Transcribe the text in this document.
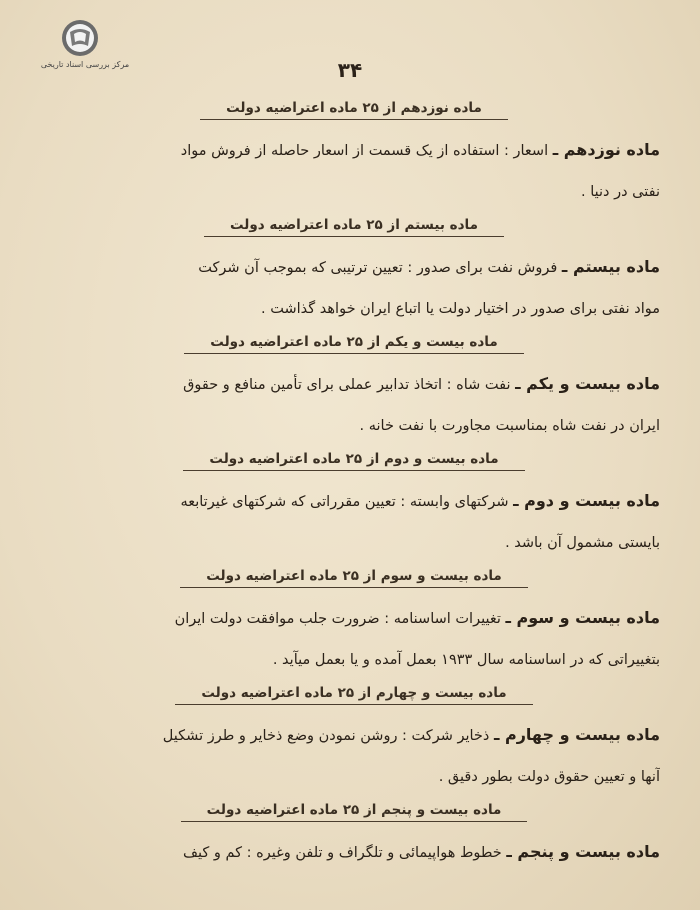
مرکز بررسی اسناد تاریخی	۳۴
ماده نوزدهم از ۲۵ ماده اعتراضیه دولت

ماده نوزدهم ـ اسعار : استفاده از یک قسمت از اسعار حاصله از فروش مواد
نفتی در دنیا .

ماده بیستم از ۲۵ ماده اعتراضیه دولت

ماده بیستم ـ فروش نفت برای صدور : تعیین ترتیبی که بموجب آن شرکت
مواد نفتی برای صدور در اختیار دولت یا اتباع ایران خواهد گذاشت .

ماده بیست و یکم از ۲۵ ماده اعتراضیه دولت

ماده بیست و یکم ـ نفت شاه : اتخاذ تدابیر عملی برای تأمین منافع و حقوق
ایران در نفت شاه بمناسبت مجاورت با نفت خانه .

ماده بیست و دوم از ۲۵ ماده اعتراضیه دولت

ماده بیست و دوم ـ شرکتهای وابسته : تعیین مقرراتی که شرکتهای غیرتابعه
بایستی مشمول آن باشد .

ماده بیست و سوم از ۲۵ ماده اعتراضیه دولت

ماده بیست و سوم ـ تغییرات اساسنامه : ضرورت جلب موافقت دولت ایران
بتغییراتی که در اساسنامه سال ۱۹۳۳ بعمل آمده و یا بعمل میآید .

ماده بیست و چهارم از ۲۵ ماده اعتراضیه دولت

ماده بیست و چهارم ـ ذخایر شرکت : روشن نمودن وضع ذخایر و طرز تشکیل
آنها و تعیین حقوق دولت بطور دقیق .

ماده بیست و پنجم از ۲۵ ماده اعتراضیه دولت

ماده بیست و پنجم ـ خطوط هواپیمائی و تلگراف و تلفن وغیره : کم و کیف
